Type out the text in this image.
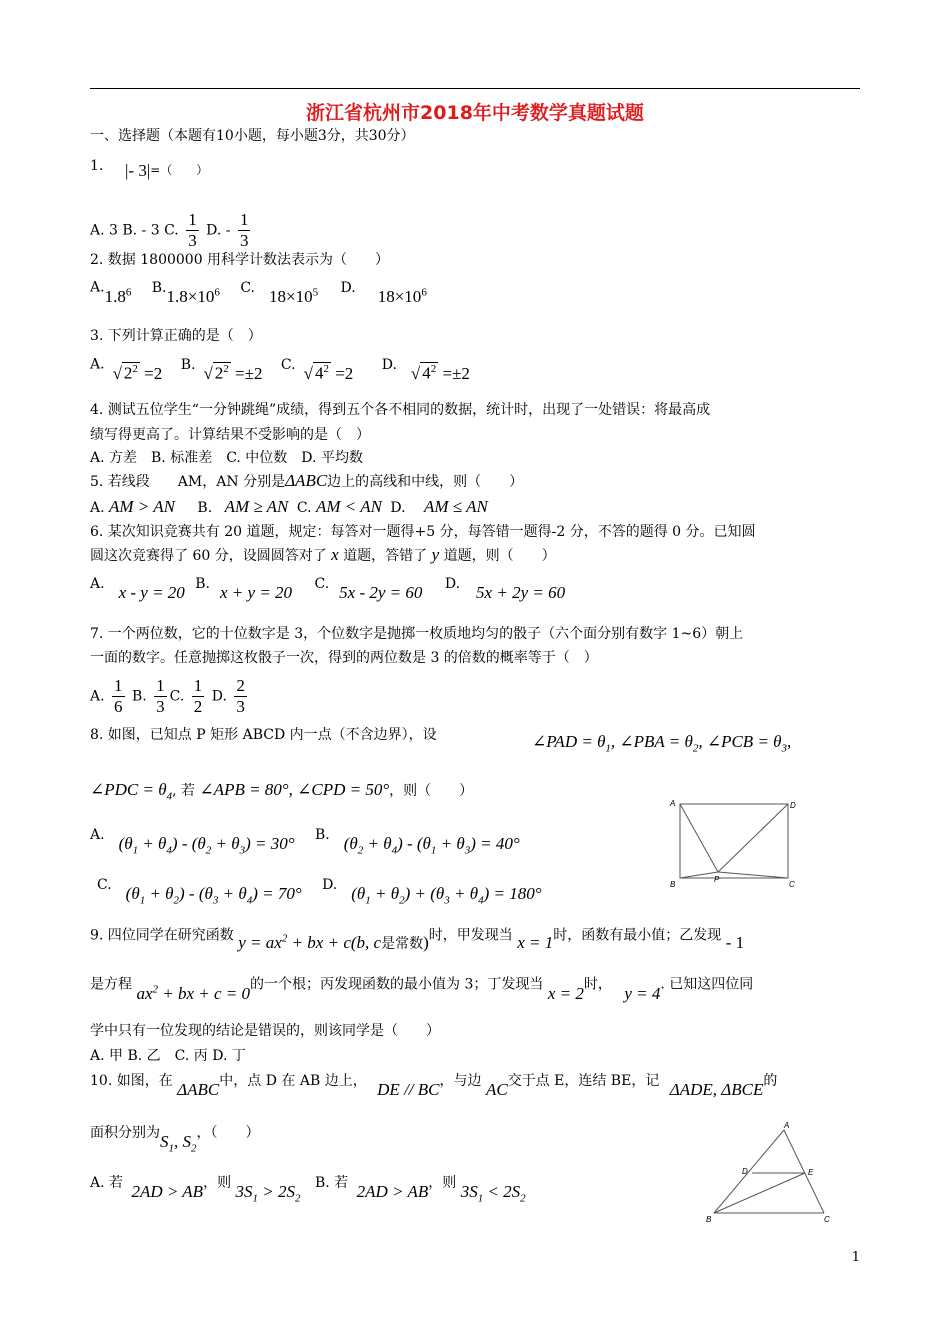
浙江省杭州市2018年中考数学真题试题
一、选择题（本题有10小题，每小题3分，共30分）
1. |- 3|=（　　）
A. 3 B. - 3 C. $\frac{1}{3} D$. - $\frac{1}{3}$
2. 数据 1800000 用科学计数法表示为（　　）
A.1.8$^6$ $B.1.8\times 10^6$ C. $18\times 10^5$ D. $18\times 10^6$
3. 下列计算正确的是（　）
A. √ $2^2 =2$ B. √ $2^2 =\pm 2$ C. √ $4^2 =2$ D. √ $4^2 =\pm 2$
4. 测试五位学生“一分钟跳绳”成绩，得到五个各不相同的数据，统计时，出现了一处错误：将最高成
绩写得更高了。计算结果不受影响的是（　）
A. 方差　B. 标准差　C. 中位数　D. 平均数
5. 若线段　　AM，AN 分别是ΔABC边上的高线和中线，则（　　）
A. AM > AN B. AM ≥ AN C. AM < AN D. AM ≤ AN
6. 某次知识竞赛共有 20 道题，规定：每答对一题得+5 分，每答错一题得-2 分，不答的题得 0 分。已知圆
圆这次竞赛得了 60 分，设圆圆答对了 x 道题，答错了 y 道题，则（　　）
A. x - y = 20 B. x + y = 20 C. 5x - 2y = 60 D. 5x + 2y = 60
7. 一个两位数，它的十位数字是 3，个位数字是抛掷一枚质地均匀的骰子（六个面分别有数字 1~6）朝上
一面的数字。任意抛掷这枚骰子一次，得到的两位数是 3 的倍数的概率等于（　）
A. $\frac{1}{6} B$. $\frac{1}{3} C$. $\frac{1}{2} D$. $\frac{2}{3}$
8. 如图，已知点 P 矩形 ABCD 内一点（不含边界），设	∠PAD = $\theta_1$, ∠PBA = $\theta_2$, ∠PCB = $\theta_3$,
∠PDC = $\theta_4$, 若 ∠APB = 80°, ∠CPD = 50°，则（　　）
A. $(\theta_1 + \theta_4) - (\theta_2 + \theta_3) = 30^\circ$ B. $(\theta_2 + \theta_4) - (\theta_1 + \theta_3) = 40^\circ$
C. $(\theta_1 + \theta_2) - (\theta_3 + \theta_4) = 70^\circ$ D. $(\theta_1 + \theta_2) + (\theta_3 + \theta_4) = 180^\circ$
A	D
B
P
C
9. 四位同学在研究函数 $y = ax^2$ + bx + c(b, c是常数)时，甲发现当 x = 1时，函数有最小值；乙发现 - 1
是方程 $ax^2$ + bx + c = 0的一个根；丙发现函数的最小值为 3；丁发现当 x = 2时， y = 4. 已知这四位同
学中只有一位发现的结论是错误的，则该同学是（　　）
A. 甲 B. 乙　C. 丙 D. 丁
10. 如图，在 ΔABC中，点 D 在 AB 边上， DE // BC，与边 AC交于点 E，连结 BE，记 ΔADE, ΔBCE的
面积分别为$S_1$, $S_2$，（　　）
A. 若 2AD > AB，则 $3S_1 > 2S_2$ B. 若 2AD > AB，则 $3S_1 < 2S_2$
A
D	E
B	C
1
